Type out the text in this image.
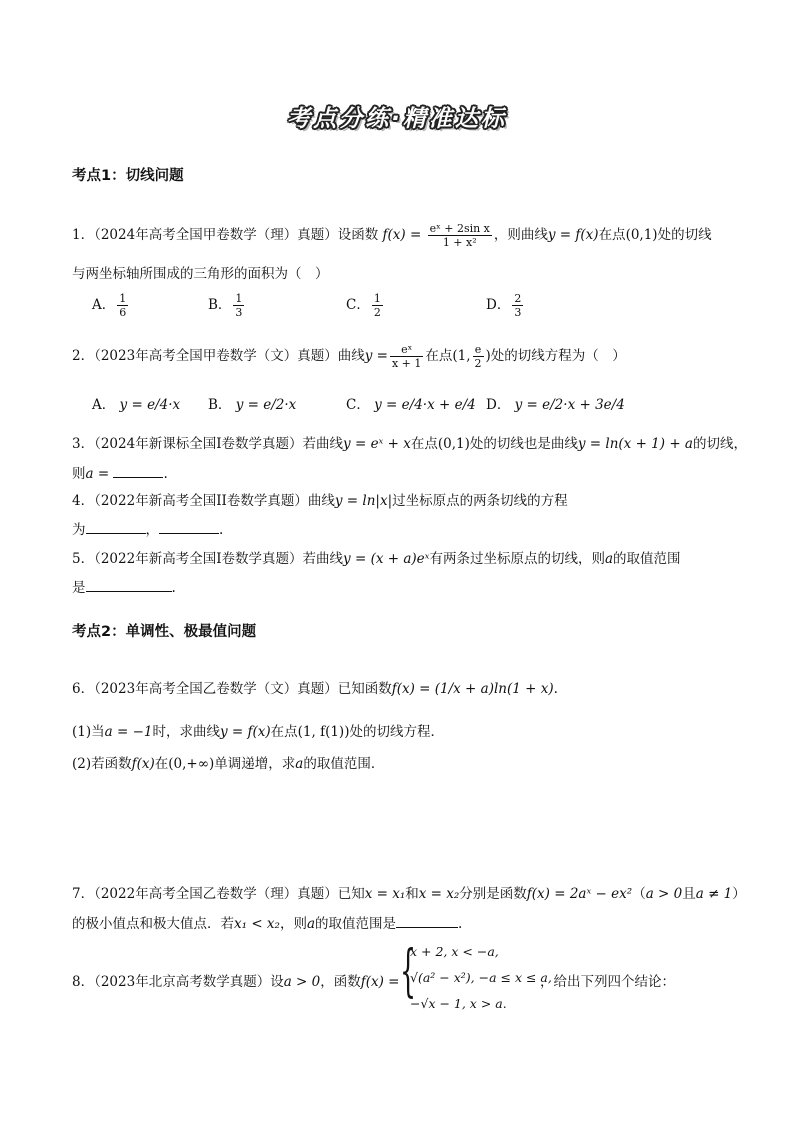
考点分练·精准达标
考点1：切线问题
1．（2024年高考全国甲卷数学（理）真题）设函数 $f(x) = \frac{\text{eˣ + 2sin x}}{\text{1 + x²}}$ ，则曲线y = f(x)在点(0,1)处的切线
与两坐标轴所围成的三角形的面积为（　）
A． $\frac{1}{6}$	B． $\frac{1}{3}$	C． $\frac{1}{2}$	D． $\frac{2}{3}$
2．（2023年高考全国甲卷数学（文）真题）曲线$y = \frac{\text{eˣ}}{x + 1}$ 在点(1, $\frac{e}{2}$ )处的切线方程为（　）
A． y = e/4·x B． y = e/2·x	C． y = e/4·x + e/4 D． y = e/2·x + 3e/4
3．（2024年新课标全国Ⅰ卷数学真题）若曲线y = eˣ + x在点(0,1)处的切线也是曲线y = ln(x + 1) + a的切线，
则a =	.
4．（2022年新高考全国II卷数学真题）曲线y = ln|x|过坐标原点的两条切线的方程
为	，	.
5．（2022年新高考全国I卷数学真题）若曲线y = (x + a)eˣ有两条过坐标原点的切线，则a的取值范围
是	.
考点2：单调性、极最值问题
6．（2023年高考全国乙卷数学（文）真题）已知函数f(x) = (1/x + a)ln(1 + x).
(1)当a = −1时，求曲线y = f(x)在点(1, f(1))处的切线方程．
(2)若函数f(x)在(0,+∞)单调递增，求a的取值范围．
7．（2022年高考全国乙卷数学（理）真题）已知x = x₁和x = x₂分别是函数f(x) = 2aˣ − ex²（a > 0且a ≠ 1）
的极小值点和极大值点．若x₁ < x₂，则a的取值范围是	.
8．（2023年北京高考数学真题）设a > 0，函数f(x) = {
x + 2, x < −a,
√(a² − x²), −a ≤ x ≤ a,
−√x − 1, x > a.
，给出下列四个结论：
